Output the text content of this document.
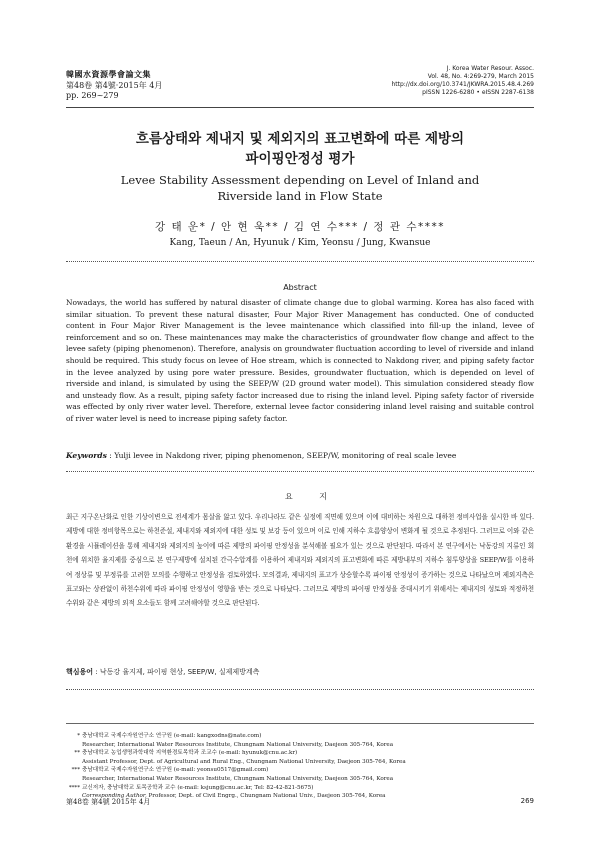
韓國水資源學會論文集
第48卷 第4號·2015年 4月
pp. 269~279
J. Korea Water Resour. Assoc.
Vol. 48, No. 4:269-279, March 2015
http://dx.doi.org/10.3741/JKWRA.2015.48.4.269
pISSN 1226-6280 • eISSN 2287-6138
흐름상태와 제내지 및 제외지의 표고변화에 따른 제방의
파이핑안정성 평가
Levee Stability Assessment depending on Level of Inland and
Riverside land in Flow State
강 태 운* / 안 현 욱** / 김 연 수*** / 정 관 수****
Kang, Taeun / An, Hyunuk / Kim, Yeonsu / Jung, Kwansue
Abstract
Nowadays, the world has suffered by natural disaster of climate change due to global warming. Korea has also faced with similar situation. To prevent these natural disaster, Four Major River Management has conducted. One of conducted content in Four Major River Management is the levee maintenance which classified into fill-up the inland, levee of reinforcement and so on. These maintenances may make the characteristics of groundwater flow change and affect to the levee safety (piping phenomenon). Therefore, analysis on groundwater fluctuation according to level of riverside and inland should be required. This study focus on levee of Hoe stream, which is connected to Nakdong river, and piping safety factor in the levee analyzed by using pore water pressure. Besides, groundwater fluctuation, which is depended on level of riverside and inland, is simulated by using the SEEP/W (2D ground water model). This simulation considered steady flow and unsteady flow. As a result, piping safety factor increased due to rising the inland level. Piping safety factor of riverside was effected by only river water level. Therefore, external levee factor considering inland level raising and suitable control of river water level is need to increase piping safety factor.
Keywords : Yulji levee in Nakdong river, piping phenomenon, SEEP/W, monitoring of real scale levee
요 지
최근 지구온난화로 인한 기상이변으로 전세계가 몸살을 앓고 있다. 우리나라도 같은 실정에 직면해 있으며 이에 대비하는 차원으로 대하천 정비사업을 실시한 바 있다. 제방에 대한 정비항목으로는 하천준설, 제내지와 제외지에 대한 성토 및 보강 등이 있으며 이로 인해 지하수 흐름양상이 변화게 될 것으로 추정된다. 그러므로 이와 같은 환경을 시뮬레이션을 통해 제내지와 제외지의 높이에 따른 제방의 파이핑 안정성을 분석해볼 필요가 있는 것으로 판단된다. 따라서 본 연구에서는 낙동강의 지류인 회천에 위치한 율지제를 중심으로 본 연구제방에 설치된 간극수압계를 이용하여 제내지와 제외지의 표고변화에 따른 제방내부의 지하수 침투양상을 SEEP/W를 이용하여 정상류 및 부정류를 고려한 모의를 수행하고 안정성을 검토하였다. 모의결과, 제내지의 표고가 상승할수록 파이핑 안정성이 증가하는 것으로 나타났으며 제외지측은 표고와는 상관없이 하천수위에 따라 파이핑 안정성이 영향을 받는 것으로 나타났다. 그러므로 제방의 파이핑 안정성을 증대시키기 위해서는 제내지의 성토와 적정하천수위와 같은 제방의 외적 요소들도 함께 고려해야할 것으로 판단된다.
핵심용어 : 낙동강 율지제, 파이핑 현상, SEEP/W, 실제제방계측
* 충남대학교 국제수자원연구소 연구원 (e-mail: kangxodns@nate.com)
Researcher, International Water Resources Institute, Chungnam National University, Daejeon 305-764, Korea
** 충남대학교 농업생명과학대학 지역환경토목학과 조교수 (e-mail: hyunuk@cnu.ac.kr)
Assistant Professor, Dept. of Agricultural and Rural Eng., Chungnam National University, Daejeon 305-764, Korea
*** 충남대학교 국제수자원연구소 연구원 (e-mail: yeonsu0517@gmail.com)
Researcher, International Water Resources Institute, Chungnam National University, Daejeon 305-764, Korea
**** 교신저자, 충남대학교 토목공학과 교수 (e-mail: ksjung@cnu.ac.kr, Tel: 82-42-821-5675)
Corresponding Author, Professor, Dept. of Civil Engrg., Chungnam National Univ., Daejeon 305-764, Korea
第48卷 第4號 2015年 4月	269
